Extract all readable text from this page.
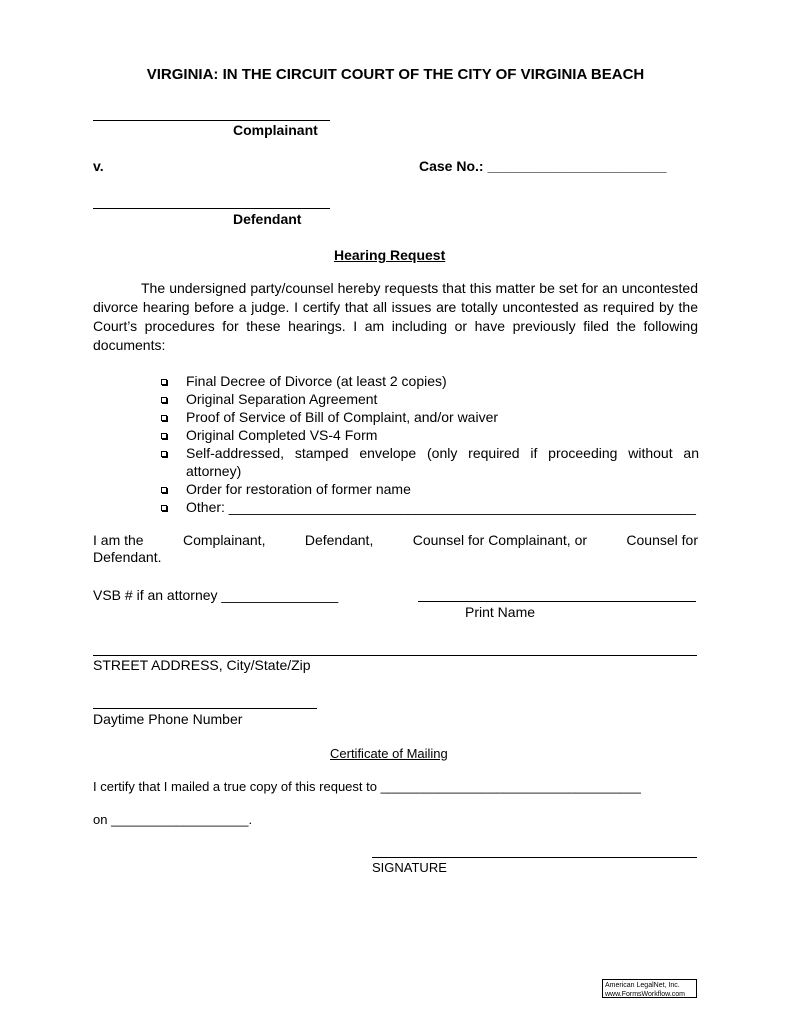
VIRGINIA: IN THE CIRCUIT COURT OF THE CITY OF VIRGINIA BEACH
Complainant
v.	Case No.: _______________________
Defendant
Hearing Request
The undersigned party/counsel hereby requests that this matter be set for an uncontested divorce hearing before a judge. I certify that all issues are totally uncontested as required by the Court’s procedures for these hearings. I am including or have previously filed the following documents:
Final Decree of Divorce (at least 2 copies)
Original Separation Agreement
Proof of Service of Bill of Complaint, and/or waiver
Original Completed VS-4 Form
Self-addressed, stamped envelope (only required if proceeding without an attorney)
Order for restoration of former name
Other: ____________________________________________________________
I am the	Complainant,	Defendant,	Counsel for Complainant, or	Counsel for
Defendant.
VSB # if an attorney _______________
Print Name
STREET ADDRESS, City/State/Zip
Daytime Phone Number
Certificate of Mailing
I certify that I mailed a true copy of this request to ____________________________________
on ___________________.
SIGNATURE
American LegalNet, Inc.
www.FormsWorkflow.com
